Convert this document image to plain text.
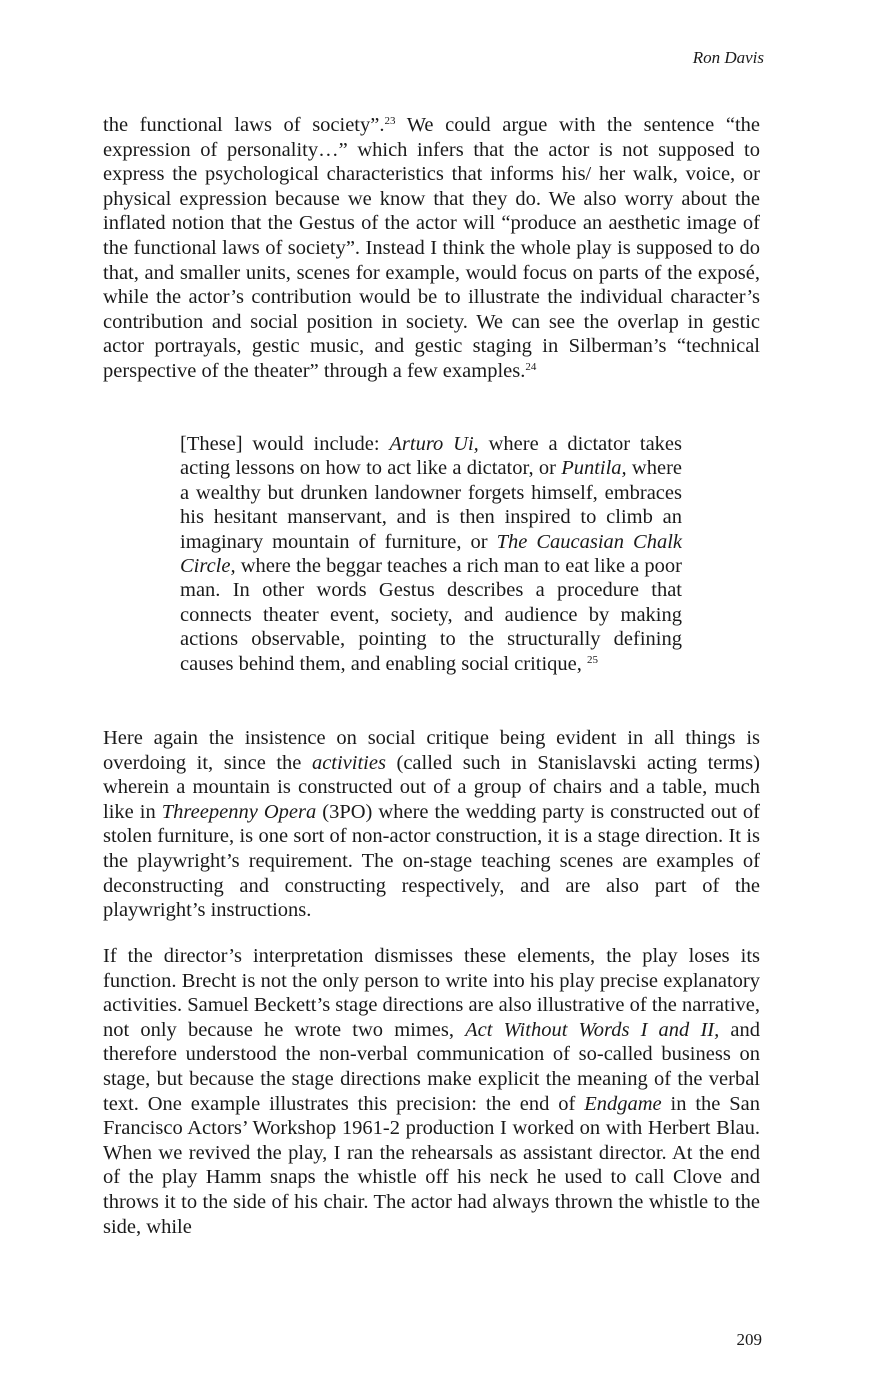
Ron Davis

the functional laws of society”.$^{23}$ We could argue with the sentence “the expression of personality…” which infers that the actor is not supposed to express the psychological characteristics that informs his/ her walk, voice, or physical expression because we know that they do. We also worry about the inflated notion that the Gestus of the actor will “produce an aesthetic image of the functional laws of society”. Instead I think the whole play is supposed to do that, and smaller units, scenes for example, would focus on parts of the exposé, while the actor’s contribution would be to illustrate the individual character’s contribution and social position in society. We can see the overlap in gestic actor portrayals, gestic music, and gestic staging in Silberman’s “technical perspective of the theater” through a few examples.$^{24}$

[These] would include: Arturo Ui, where a dictator takes acting lessons on how to act like a dictator, or Puntila, where a wealthy but drunken landowner forgets himself, embraces his hesitant manservant, and is then inspired to climb an imaginary mountain of furniture, or The Caucasian Chalk Circle, where the beggar teaches a rich man to eat like a poor man. In other words Gestus describes a procedure that connects theater event, society, and audience by making actions observable, pointing to the structurally defining causes behind them, and enabling social critique, $^{25}$

Here again the insistence on social critique being evident in all things is overdoing it, since the activities (called such in Stanislavski acting terms) wherein a mountain is constructed out of a group of chairs and a table, much like in Threepenny Opera (3PO) where the wedding party is constructed out of stolen furniture, is one sort of non-actor construction, it is a stage direction. It is the playwright’s requirement. The on-stage teaching scenes are examples of deconstructing and constructing respectively, and are also part of the playwright’s instructions.

If the director’s interpretation dismisses these elements, the play loses its function. Brecht is not the only person to write into his play precise explanatory activities. Samuel Beckett’s stage directions are also illustrative of the narrative, not only because he wrote two mimes, Act Without Words I and II, and therefore understood the non-verbal communication of so-called business on stage, but because the stage directions make explicit the meaning of the verbal text. One example illustrates this precision: the end of Endgame in the San Francisco Actors’ Workshop 1961-2 production I worked on with Herbert Blau. When we revived the play, I ran the rehearsals as assistant director. At the end of the play Hamm snaps the whistle off his neck he used to call Clove and throws it to the side of his chair. The actor had always thrown the whistle to the side, while

209
